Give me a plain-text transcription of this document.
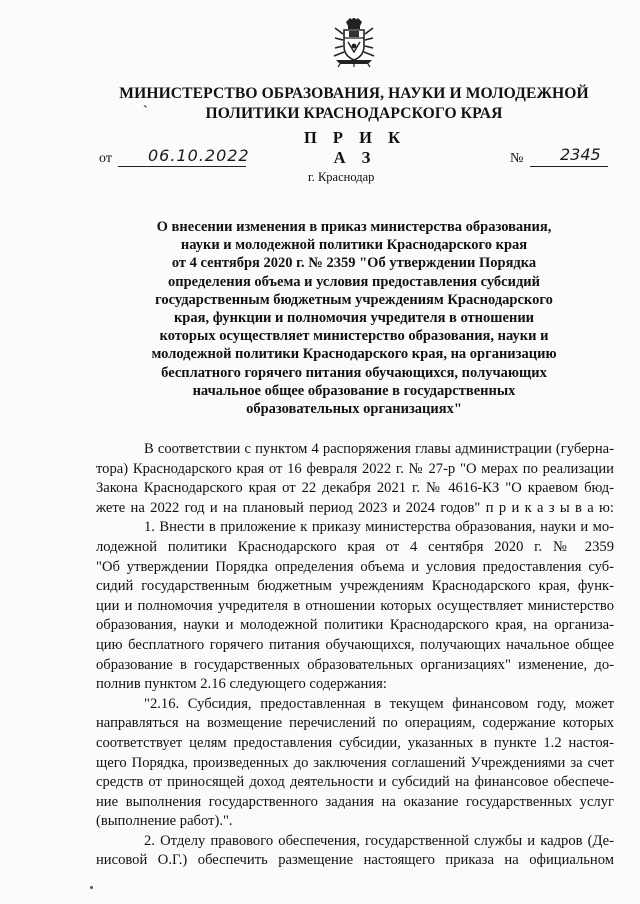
МИНИСТЕРСТВО ОБРАЗОВАНИЯ, НАУКИ И МОЛОДЕЖНОЙ
ПОЛИТИКИ КРАСНОДАРСКОГО КРАЯ
`
П Р И К А З
от 06.10.2022	№ 2345
г. Краснодар
О внесении изменения в приказ министерства образования,
науки и молодежной политики Краснодарского края
от 4 сентября 2020 г. № 2359 "Об утверждении Порядка
определения объема и условия предоставления субсидий
государственным бюджетным учреждениям Краснодарского
края, функции и полномочия учредителя в отношении
которых осуществляет министерство образования, науки и
молодежной политики Краснодарского края, на организацию
бесплатного горячего питания обучающихся, получающих
начальное общее образование в государственных
образовательных организациях"
В соответствии с пунктом 4 распоряжения главы администрации (губерна-
тора) Краснодарского края от 16 февраля 2022 г. № 27-р "О мерах по реализации
Закона Краснодарского края от 22 декабря 2021 г. № 4616-КЗ "О краевом бюд-
жете на 2022 год и на плановый период 2023 и 2024 годов" п р и к а з ы в а ю:
1. Внести в приложение к приказу министерства образования, науки и мо-
лодежной политики Краснодарского края от 4 сентября 2020 г. № 2359
"Об утверждении Порядка определения объема и условия предоставления суб-
сидий государственным бюджетным учреждениям Краснодарского края, функ-
ции и полномочия учредителя в отношении которых осуществляет министерство
образования, науки и молодежной политики Краснодарского края, на организа-
цию бесплатного горячего питания обучающихся, получающих начальное общее
образование в государственных образовательных организациях" изменение, до-
полнив пунктом 2.16 следующего содержания:
"2.16. Субсидия, предоставленная в текущем финансовом году, может
направляться на возмещение перечислений по операциям, содержание которых
соответствует целям предоставления субсидии, указанных в пункте 1.2 настоя-
щего Порядка, произведенных до заключения соглашений Учреждениями за счет
средств от приносящей доход деятельности и субсидий на финансовое обеспече-
ние выполнения государственного задания на оказание государственных услуг
(выполнение работ).".
2. Отделу правового обеспечения, государственной службы и кадров (Де-
нисовой О.Г.) обеспечить размещение настоящего приказа на официальном
